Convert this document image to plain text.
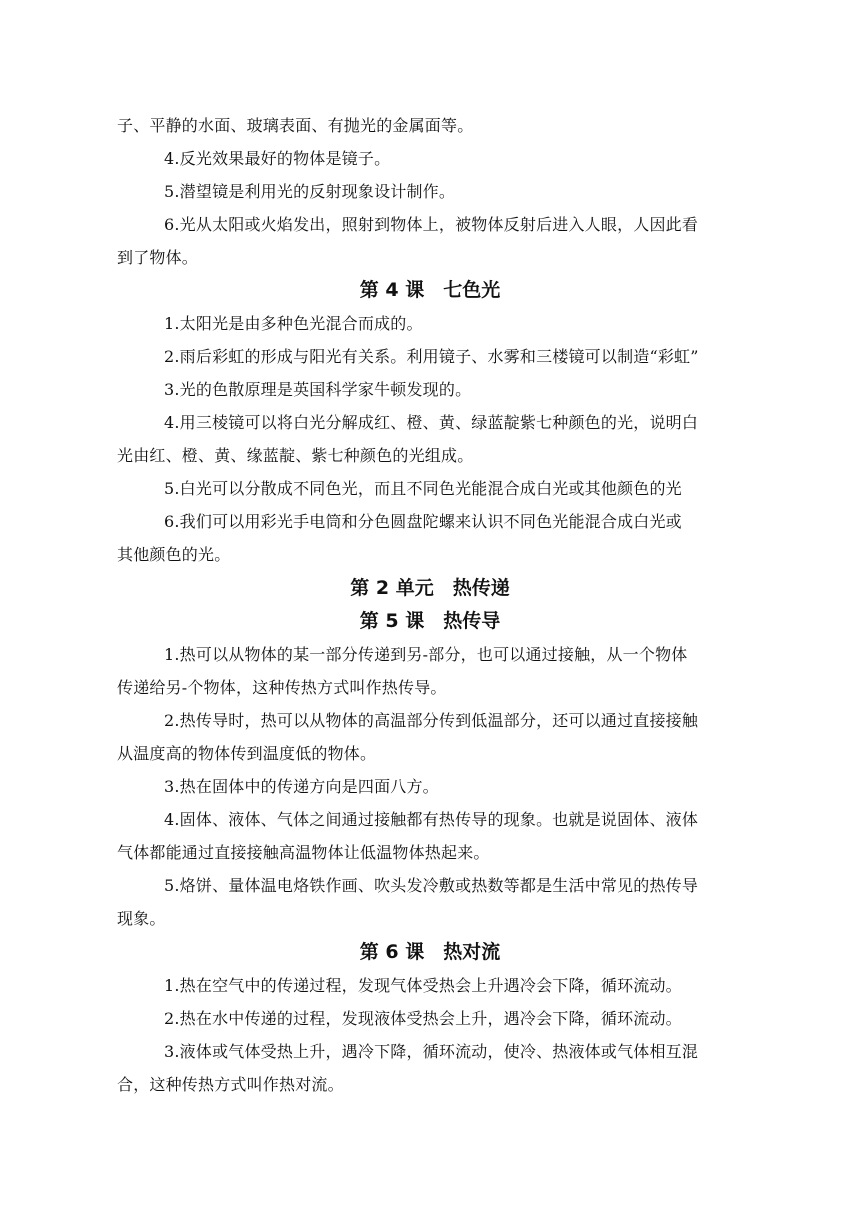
子、平静的水面、玻璃表面、有抛光的金属面等。
4.反光效果最好的物体是镜子。
5.潜望镜是利用光的反射现象设计制作。
6.光从太阳或火焰发出，照射到物体上，被物体反射后进入人眼，人因此看
到了物体。
第 4 课　七色光
1.太阳光是由多种色光混合而成的。
2.雨后彩虹的形成与阳光有关系。利用镜子、水雾和三楼镜可以制造“彩虹”
3.光的色散原理是英国科学家牛顿发现的。
4.用三棱镜可以将白光分解成红、橙、黄、绿蓝靛紫七种颜色的光，说明白
光由红、橙、黄、缘蓝靛、紫七种颜色的光组成。
5.白光可以分散成不同色光，而且不同色光能混合成白光或其他颜色的光
6.我们可以用彩光手电筒和分色圆盘陀螺来认识不同色光能混合成白光或
其他颜色的光。
第 2 单元　热传递
第 5 课　热传导
1.热可以从物体的某一部分传递到另-部分，也可以通过接触，从一个物体
传递给另-个物体，这种传热方式叫作热传导。
2.热传导时，热可以从物体的高温部分传到低温部分，还可以通过直接接触
从温度高的物体传到温度低的物体。
3.热在固体中的传递方向是四面八方。
4.固体、液体、气体之间通过接触都有热传导的现象。也就是说固体、液体
气体都能通过直接接触高温物体让低温物体热起来。
5.烙饼、量体温电烙铁作画、吹头发冷敷或热数等都是生活中常见的热传导
现象。
第 6 课　热对流
1.热在空气中的传递过程，发现气体受热会上升遇冷会下降，循环流动。
2.热在水中传递的过程，发现液体受热会上升，遇冷会下降，循环流动。
3.液体或气体受热上升，遇冷下降，循环流动，使冷、热液体或气体相互混
合，这种传热方式叫作热对流。
